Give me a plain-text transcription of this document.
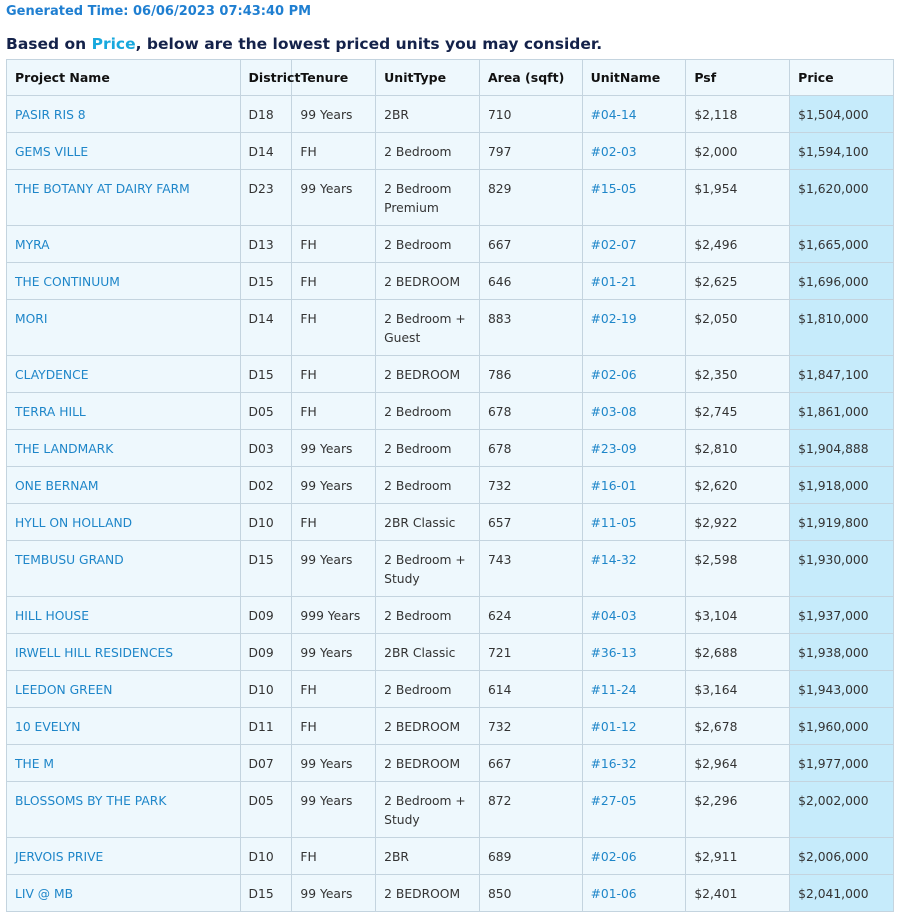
Generated Time: 06/06/2023 07:43:40 PM
Based on Price, below are the lowest priced units you may consider.
Project Name	District	Tenure	UnitType	Area (sqft)	UnitName	Psf	Price
PASIR RIS 8	D18	99 Years	2BR	710	#04-14	$2,118	$1,504,000
GEMS VILLE	D14	FH	2 Bedroom	797	#02-03	$2,000	$1,594,100
THE BOTANY AT DAIRY FARM	D23	99 Years	2 Bedroom Premium	829	#15-05	$1,954	$1,620,000
MYRA	D13	FH	2 Bedroom	667	#02-07	$2,496	$1,665,000
THE CONTINUUM	D15	FH	2 BEDROOM	646	#01-21	$2,625	$1,696,000
MORI	D14	FH	2 Bedroom + Guest	883	#02-19	$2,050	$1,810,000
CLAYDENCE	D15	FH	2 BEDROOM	786	#02-06	$2,350	$1,847,100
TERRA HILL	D05	FH	2 Bedroom	678	#03-08	$2,745	$1,861,000
THE LANDMARK	D03	99 Years	2 Bedroom	678	#23-09	$2,810	$1,904,888
ONE BERNAM	D02	99 Years	2 Bedroom	732	#16-01	$2,620	$1,918,000
HYLL ON HOLLAND	D10	FH	2BR Classic	657	#11-05	$2,922	$1,919,800
TEMBUSU GRAND	D15	99 Years	2 Bedroom + Study	743	#14-32	$2,598	$1,930,000
HILL HOUSE	D09	999 Years	2 Bedroom	624	#04-03	$3,104	$1,937,000
IRWELL HILL RESIDENCES	D09	99 Years	2BR Classic	721	#36-13	$2,688	$1,938,000
LEEDON GREEN	D10	FH	2 Bedroom	614	#11-24	$3,164	$1,943,000
10 EVELYN	D11	FH	2 BEDROOM	732	#01-12	$2,678	$1,960,000
THE M	D07	99 Years	2 BEDROOM	667	#16-32	$2,964	$1,977,000
BLOSSOMS BY THE PARK	D05	99 Years	2 Bedroom + Study	872	#27-05	$2,296	$2,002,000
JERVOIS PRIVE	D10	FH	2BR	689	#02-06	$2,911	$2,006,000
LIV @ MB	D15	99 Years	2 BEDROOM	850	#01-06	$2,401	$2,041,000
